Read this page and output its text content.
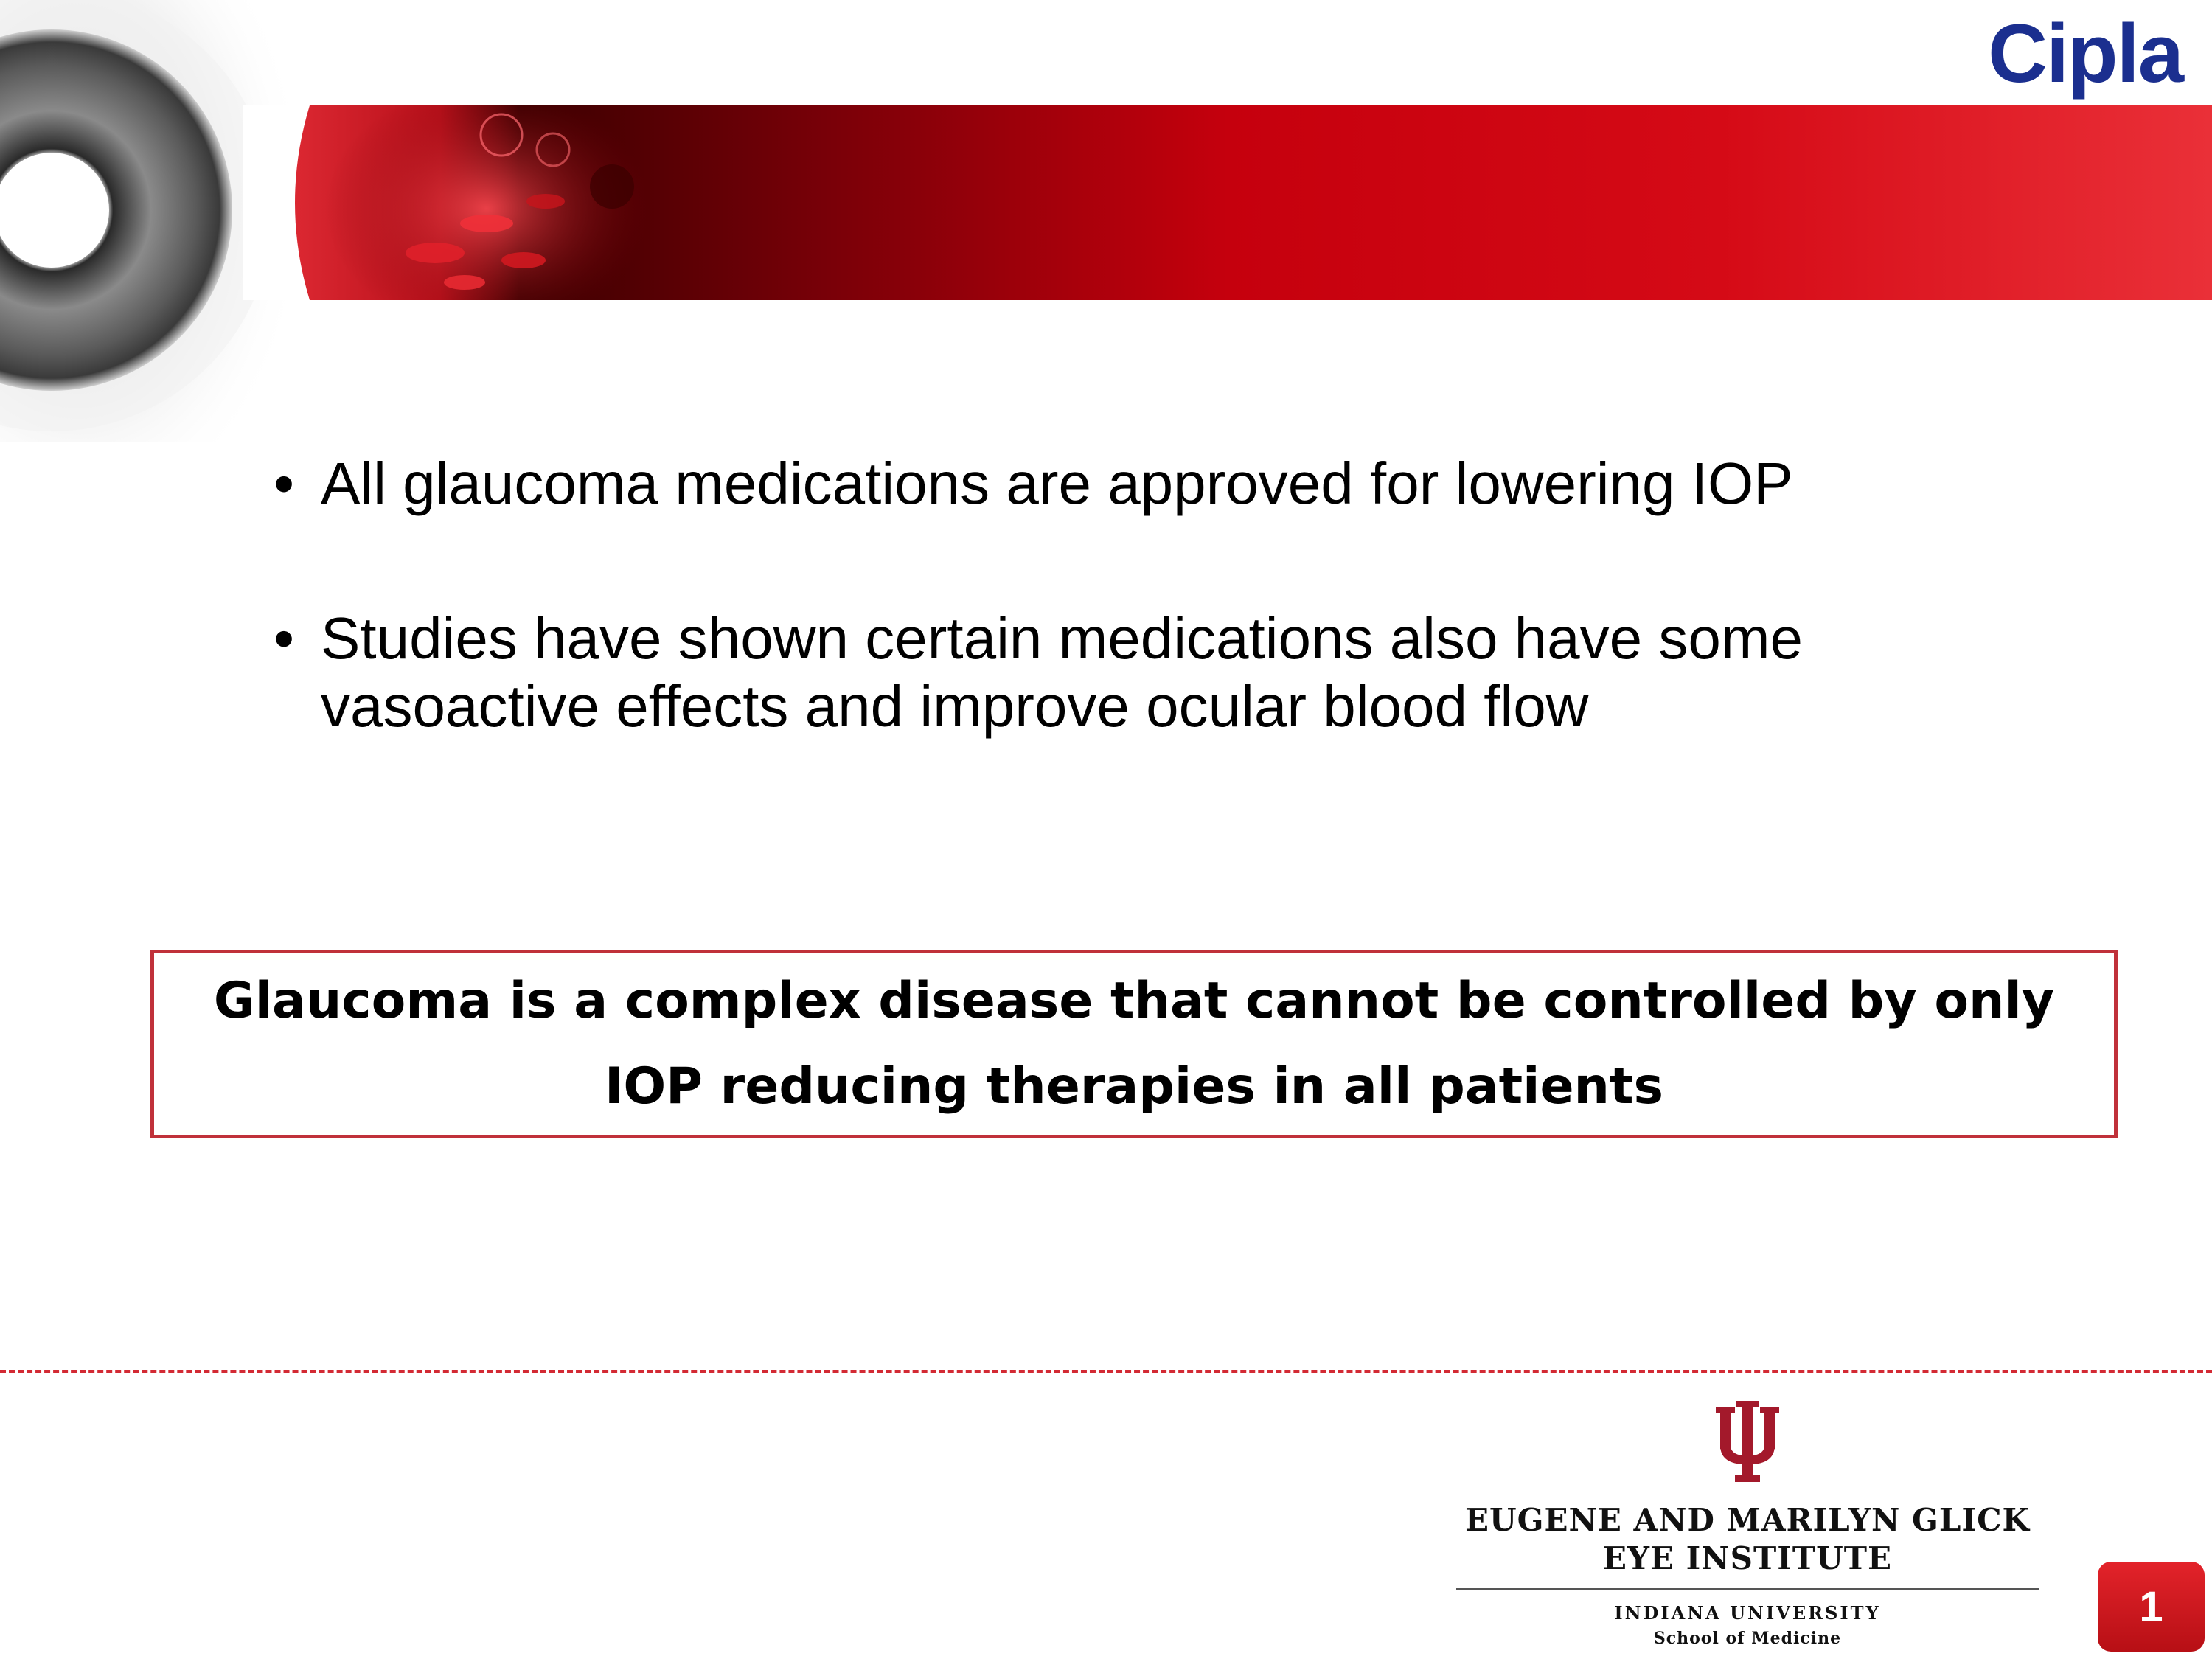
Cipla
• All glaucoma medications are approved for lowering IOP
• Studies have shown certain medications also have some vasoactive effects and improve ocular blood flow
Glaucoma is a complex disease that cannot be controlled by only IOP reducing therapies in all patients
EUGENE AND MARILYN GLICK
EYE INSTITUTE
INDIANA UNIVERSITY
School of Medicine
1
